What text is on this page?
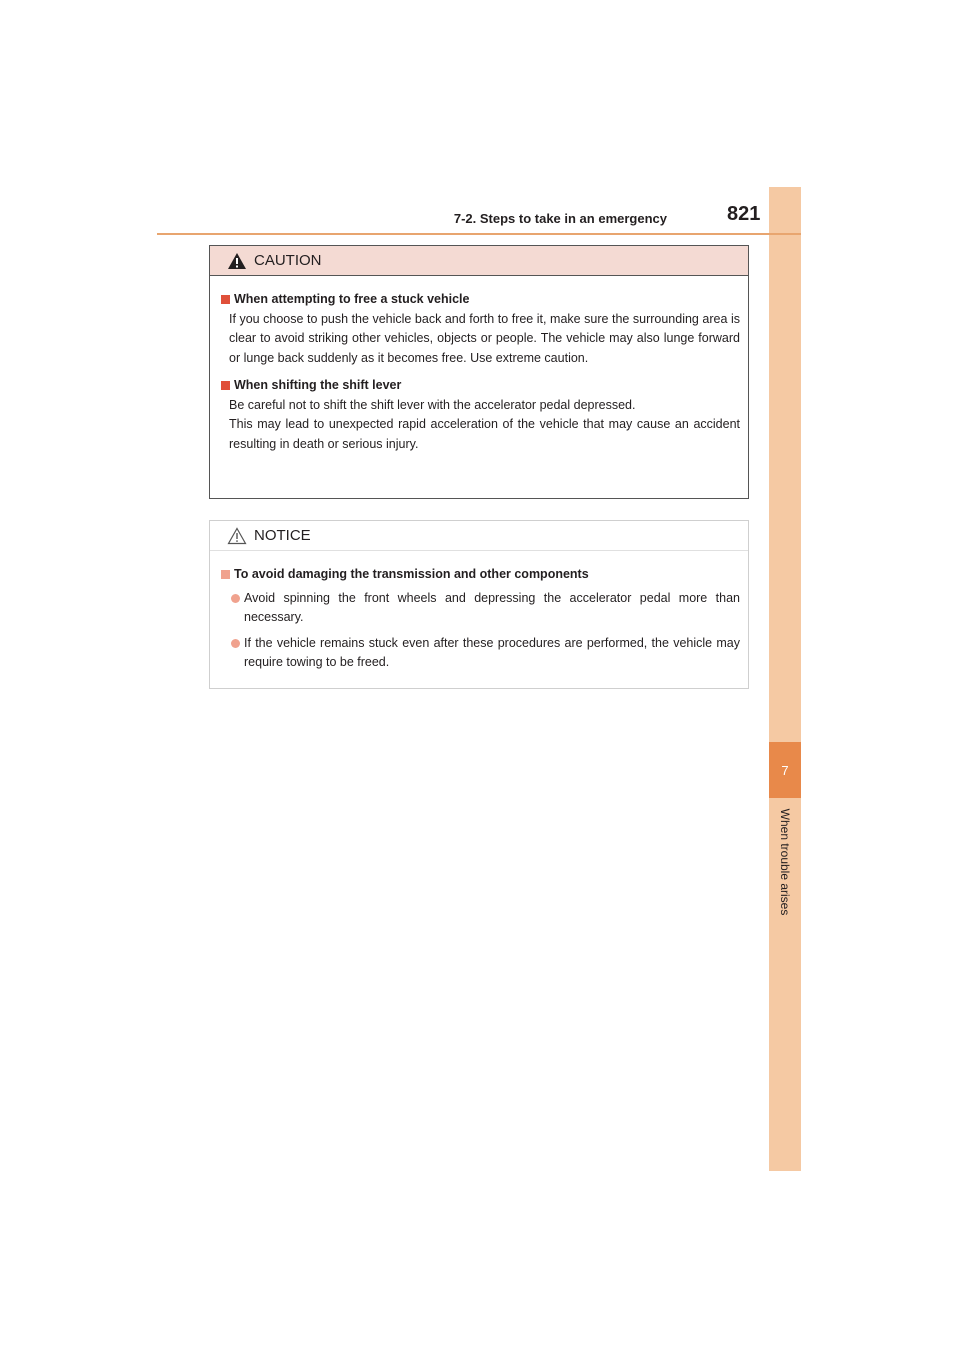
7
When trouble arises
7-2. Steps to take in an emergency	821
CAUTION
When attempting to free a stuck vehicle
If you choose to push the vehicle back and forth to free it, make sure the surrounding area is clear to avoid striking other vehicles, objects or people. The vehicle may also lunge forward or lunge back suddenly as it becomes free. Use extreme caution.
When shifting the shift lever
Be careful not to shift the shift lever with the accelerator pedal depressed.
This may lead to unexpected rapid acceleration of the vehicle that may cause an accident resulting in death or serious injury.
NOTICE
To avoid damaging the transmission and other components
Avoid spinning the front wheels and depressing the accelerator pedal more than necessary.
If the vehicle remains stuck even after these procedures are performed, the vehicle may require towing to be freed.
